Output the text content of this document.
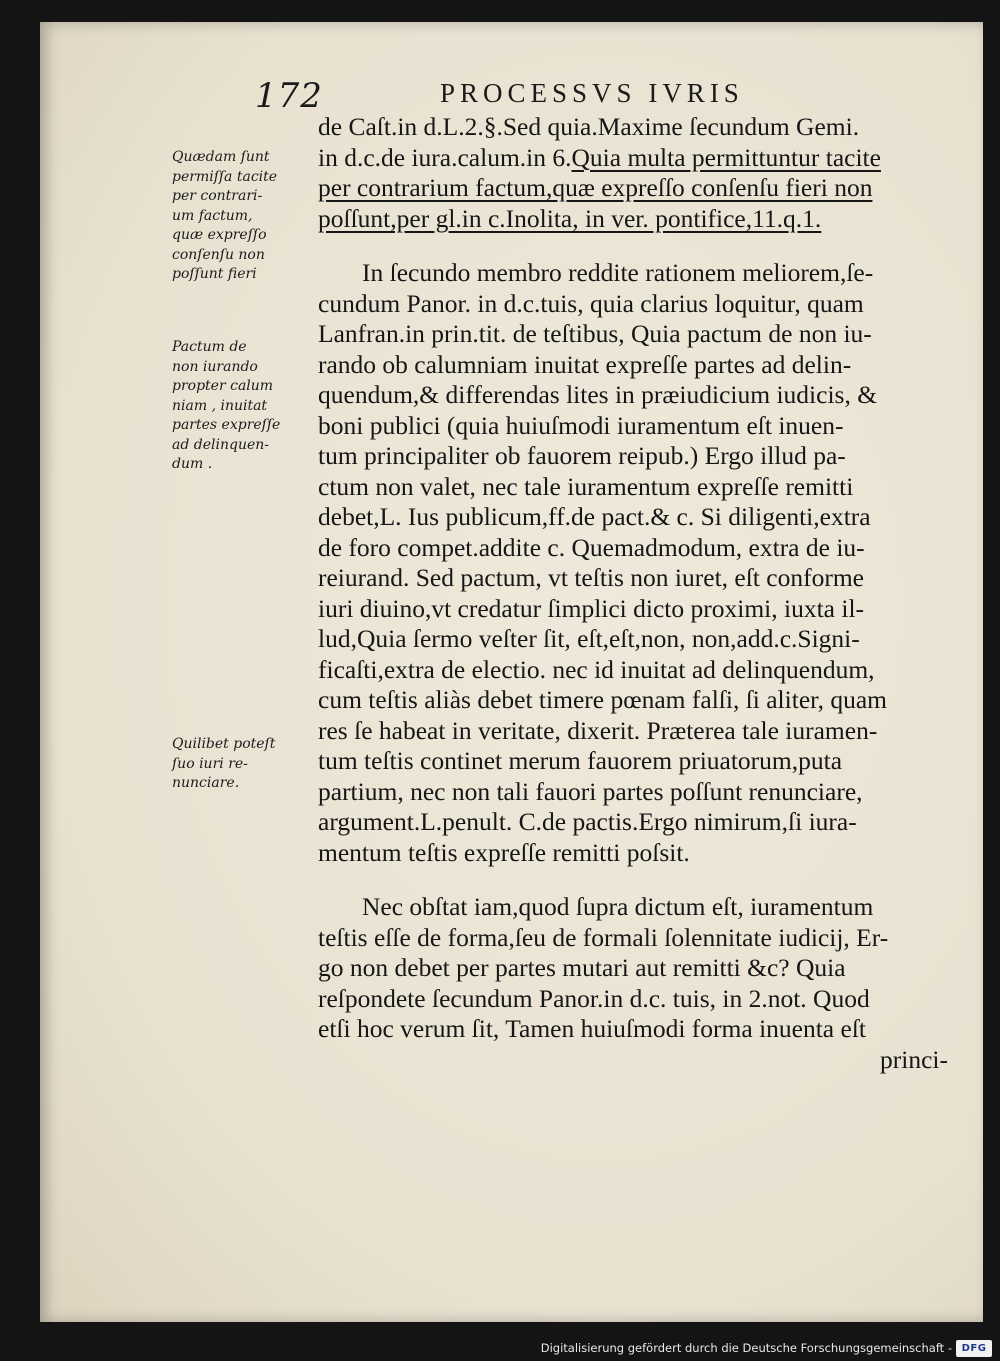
172	PROCESSVS IVRIS

de Caſt.in d.L.2.§.Sed quia.Maxime ſecundum Gemi.
in d.c.de iura.calum.in 6.Quia multa permittuntur tacite
per contrarium factum,quæ expreſſo conſenſu fieri non
poſſunt,per gl.in c.Inolita, in ver. pontifice,11.q.1.

In ſecundo membro reddite rationem meliorem,ſe-
cundum Panor. in d.c.tuis, quia clarius loquitur, quam
Lanfran.in prin.tit. de teſtibus, Quia pactum de non iu-
rando ob calumniam inuitat expreſſe partes ad delin-
quendum,& differendas lites in præiudicium iudicis, &
boni publici (quia huiuſmodi iuramentum eſt inuen-
tum principaliter ob fauorem reipub.) Ergo illud pa-
ctum non valet, nec tale iuramentum expreſſe remitti
debet,L. Ius publicum,ff.de pact.& c. Si diligenti,extra
de foro compet.addite c. Quemadmodum, extra de iu-
reiurand. Sed pactum, vt teſtis non iuret, eſt conforme
iuri diuino,vt credatur ſimplici dicto proximi, iuxta il-
lud,Quia ſermo veſter ſit, eſt,eſt,non, non,add.c.Signi-
ficaſti,extra de electio. nec id inuitat ad delinquendum,
cum teſtis aliàs debet timere pœnam falſi, ſi aliter, quam
res ſe habeat in veritate, dixerit. Præterea tale iuramen-
tum teſtis continet merum fauorem priuatorum,puta
partium, nec non tali fauori partes poſſunt renunciare,
argument.L.penult. C.de pactis.Ergo nimirum,ſi iura-
mentum teſtis expreſſe remitti poſsit.

Nec obſtat iam,quod ſupra dictum eſt, iuramentum
teſtis eſſe de forma,ſeu de formali ſolennitate iudicij, Er-
go non debet per partes mutari aut remitti &c? Quia
reſpondete ſecundum Panor.in d.c. tuis, in 2.not. Quod
etſi hoc verum ſit, Tamen huiuſmodi forma inuenta eſt
princi-

Quædam ſunt
permiſſa tacite
per contrari-
um factum,
quæ expreſſo
conſenſu non
poſſunt fieri
Pactum de
non iurando
propter calum
niam , inuitat
partes expreſſe
ad delinquen-
dum .
Quilibet poteſt
ſuo iuri re-
nunciare.
Digitalisierung gefördert durch die Deutsche Forschungsgemeinschaft - DFG
